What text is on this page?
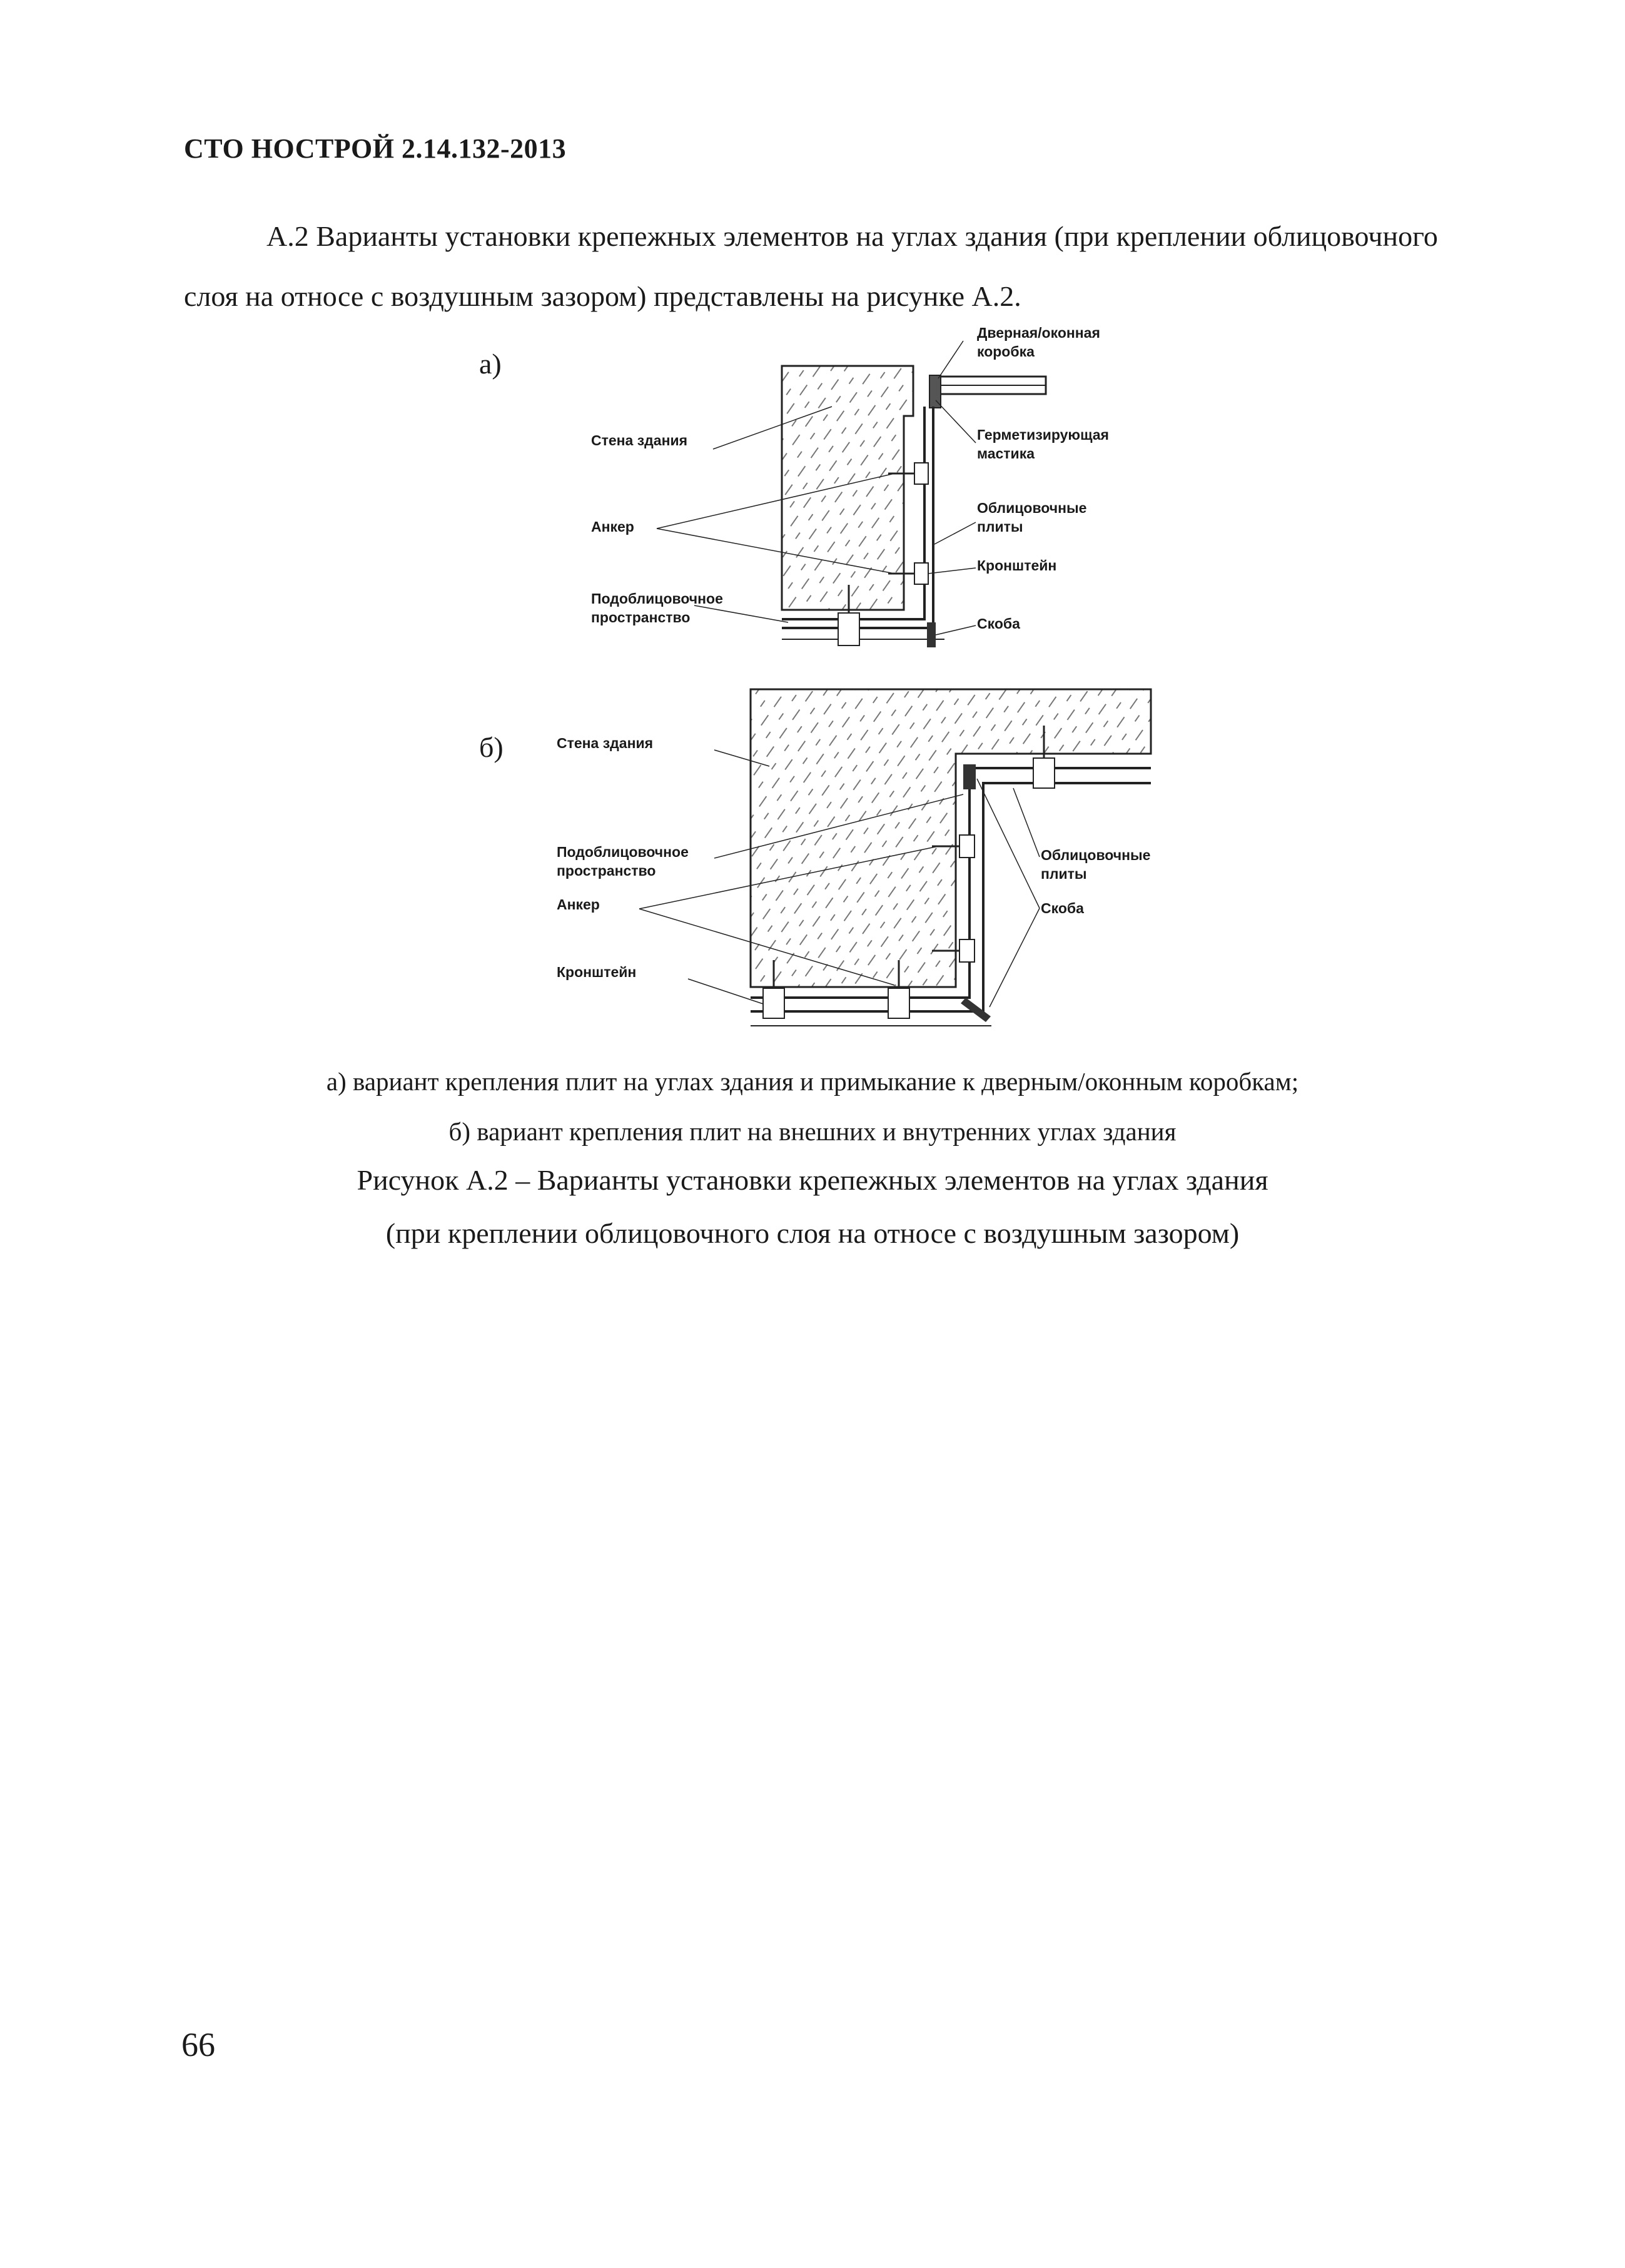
СТО НОСТРОЙ 2.14.132-2013
А.2 Варианты установки крепежных элементов на углах здания (при креплении облицовочного слоя на относе с воздушным зазором) представлены на рисунке А.2.
а)
б)
Дверная/оконная
коробка
Стена здания	Герметизирующая
мастика
Анкер
Облицовочные
плиты
Кронштейн
Подоблицовочное
пространство	Скоба
Стена здания
Подоблицовочное
пространство
Анкер
Кронштейн
Облицовочные
плиты
Скоба
а) вариант крепления плит на углах здания и примыкание к дверным/оконным коробкам;
б) вариант крепления плит на внешних и внутренних углах здания
Рисунок А.2 – Варианты установки крепежных элементов на углах здания
(при креплении облицовочного слоя на относе с воздушным зазором)
66
